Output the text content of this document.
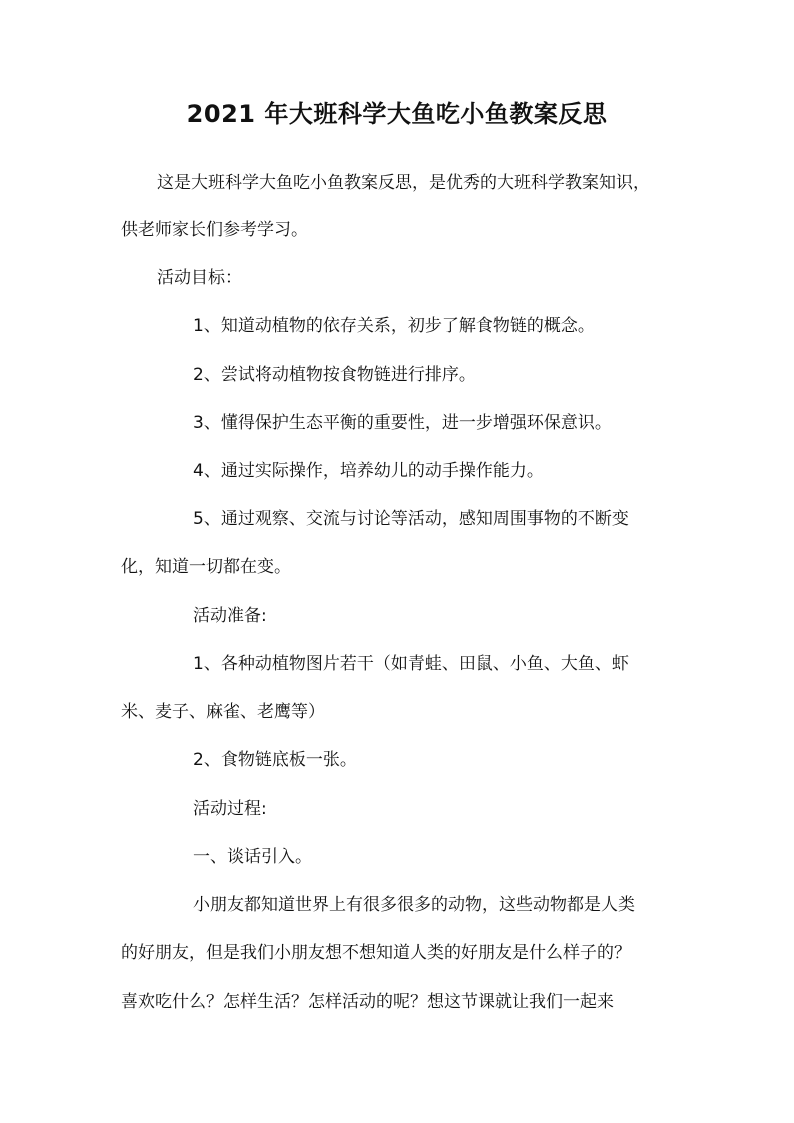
2021 年大班科学大鱼吃小鱼教案反思
这是大班科学大鱼吃小鱼教案反思，是优秀的大班科学教案知识，
供老师家长们参考学习。
活动目标：
1、知道动植物的依存关系，初步了解食物链的概念。
2、尝试将动植物按食物链进行排序。
3、懂得保护生态平衡的重要性，进一步增强环保意识。
4、通过实际操作，培养幼儿的动手操作能力。
5、通过观察、交流与讨论等活动，感知周围事物的不断变
化，知道一切都在变。
活动准备:
1、各种动植物图片若干（如青蛙、田鼠、小鱼、大鱼、虾
米、麦子、麻雀、老鹰等）
2、食物链底板一张。
活动过程:
一、谈话引入。
小朋友都知道世界上有很多很多的动物，这些动物都是人类
的好朋友，但是我们小朋友想不想知道人类的好朋友是什么样子的？
喜欢吃什么？怎样生活？怎样活动的呢？想这节课就让我们一起来
